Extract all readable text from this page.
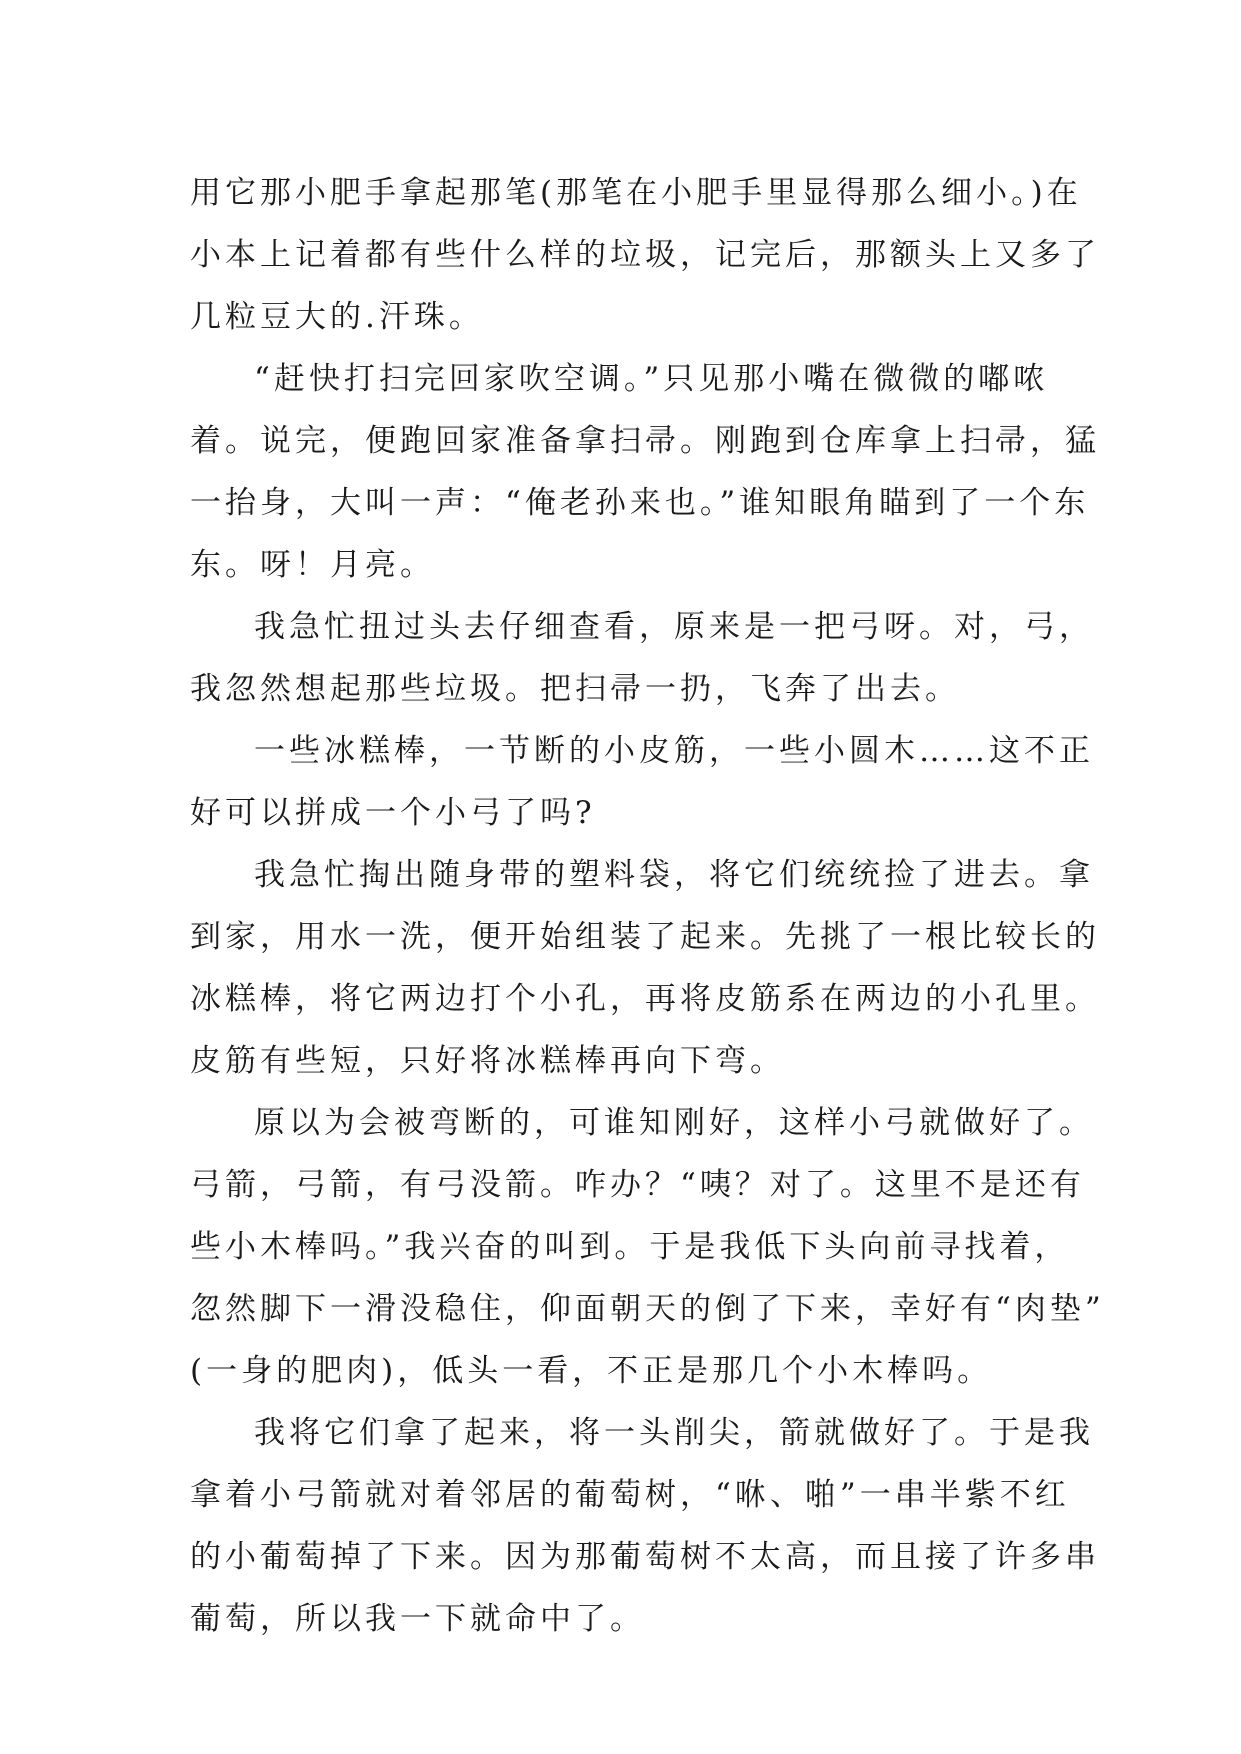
用它那小肥手拿起那笔(那笔在小肥手里显得那么细小。)在
小本上记着都有些什么样的垃圾，记完后，那额头上又多了
几粒豆大的.汗珠。

“赶快打扫完回家吹空调。”只见那小嘴在微微的嘟哝
着。说完，便跑回家准备拿扫帚。刚跑到仓库拿上扫帚，猛
一抬身，大叫一声：“俺老孙来也。”谁知眼角瞄到了一个东
东。呀！月亮。

我急忙扭过头去仔细查看，原来是一把弓呀。对，弓，
我忽然想起那些垃圾。把扫帚一扔，飞奔了出去。

一些冰糕棒，一节断的小皮筋，一些小圆木……这不正
好可以拼成一个小弓了吗?

我急忙掏出随身带的塑料袋，将它们统统捡了进去。拿
到家，用水一洗，便开始组装了起来。先挑了一根比较长的
冰糕棒，将它两边打个小孔，再将皮筋系在两边的小孔里。
皮筋有些短，只好将冰糕棒再向下弯。

原以为会被弯断的，可谁知刚好，这样小弓就做好了。
弓箭，弓箭，有弓没箭。咋办？“咦？对了。这里不是还有
些小木棒吗。”我兴奋的叫到。于是我低下头向前寻找着，
忽然脚下一滑没稳住，仰面朝天的倒了下来，幸好有“肉垫”
(一身的肥肉)，低头一看，不正是那几个小木棒吗。

我将它们拿了起来，将一头削尖，箭就做好了。于是我
拿着小弓箭就对着邻居的葡萄树，“咻、啪”一串半紫不红
的小葡萄掉了下来。因为那葡萄树不太高，而且接了许多串
葡萄，所以我一下就命中了。
